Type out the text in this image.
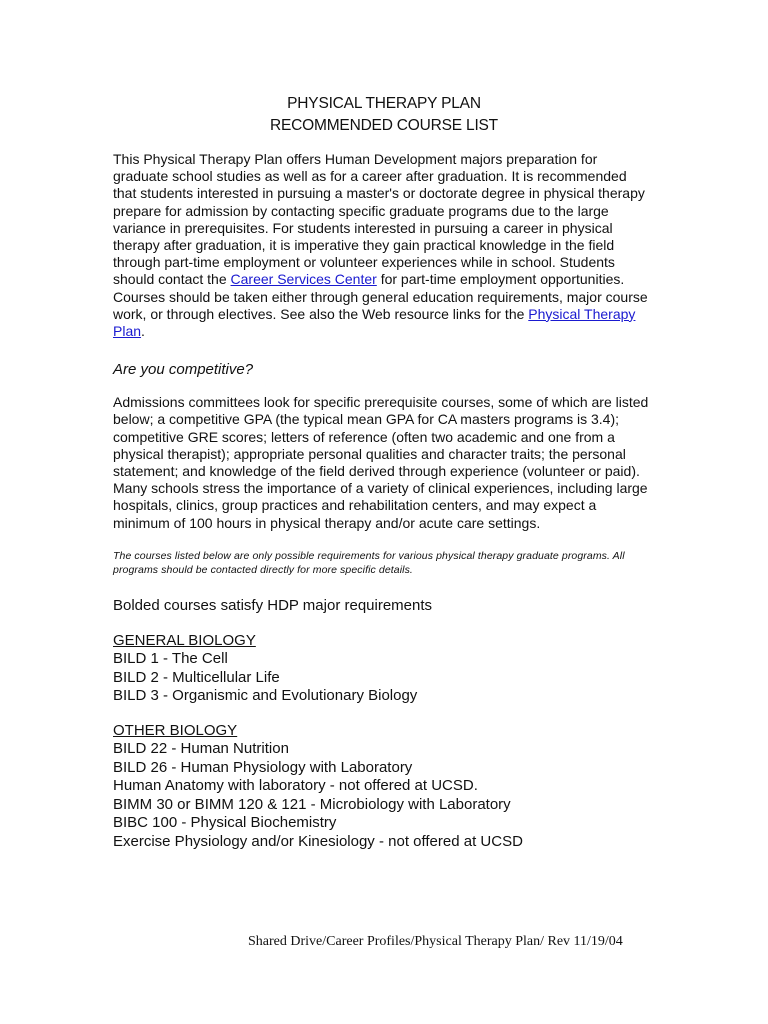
PHYSICAL THERAPY PLAN
RECOMMENDED COURSE LIST

This Physical Therapy Plan offers Human Development majors preparation for graduate school studies as well as for a career after graduation. It is recommended that students interested in pursuing a master's or doctorate degree in physical therapy prepare for admission by contacting specific graduate programs due to the large variance in prerequisites. For students interested in pursuing a career in physical therapy after graduation, it is imperative they gain practical knowledge in the field through part-time employment or volunteer experiences while in school. Students should contact the Career Services Center for part-time employment opportunities. Courses should be taken either through general education requirements, major course work, or through electives. See also the Web resource links for the Physical Therapy Plan.

Are you competitive?

Admissions committees look for specific prerequisite courses, some of which are listed below; a competitive GPA (the typical mean GPA for CA masters programs is 3.4); competitive GRE scores; letters of reference (often two academic and one from a physical therapist); appropriate personal qualities and character traits; the personal statement; and knowledge of the field derived through experience (volunteer or paid). Many schools stress the importance of a variety of clinical experiences, including large hospitals, clinics, group practices and rehabilitation centers, and may expect a minimum of 100 hours in physical therapy and/or acute care settings.

The courses listed below are only possible requirements for various physical therapy graduate programs. All programs should be contacted directly for more specific details.

Bolded courses satisfy HDP major requirements
GENERAL BIOLOGY
BILD 1 - The Cell
BILD 2 - Multicellular Life
BILD 3 - Organismic and Evolutionary Biology
OTHER BIOLOGY
BILD 22 - Human Nutrition
BILD 26 - Human Physiology with Laboratory
Human Anatomy with laboratory - not offered at UCSD.
BIMM 30 or BIMM 120 & 121 - Microbiology with Laboratory
BIBC 100 - Physical Biochemistry
Exercise Physiology and/or Kinesiology - not offered at UCSD
Shared Drive/Career Profiles/Physical Therapy Plan/ Rev 11/19/04
